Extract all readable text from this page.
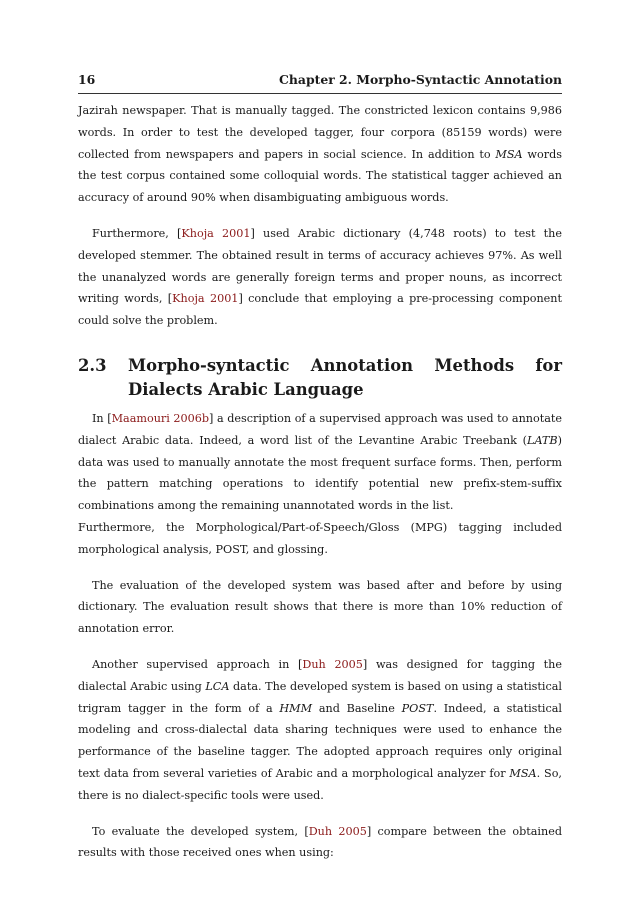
16	Chapter 2. Morpho-Syntactic Annotation

Jazirah newspaper. That is manually tagged. The constricted lexicon contains 9,986 words. In order to test the developed tagger, four corpora (85159 words) were collected from newspapers and papers in social science. In addition to MSA words the test corpus contained some colloquial words. The statistical tagger achieved an accuracy of around 90% when disambiguating ambiguous words.

Furthermore, [Khoja 2001] used Arabic dictionary (4,748 roots) to test the developed stemmer. The obtained result in terms of accuracy achieves 97%. As well the unanalyzed words are generally foreign terms and proper nouns, as incorrect writing words, [Khoja 2001] conclude that employing a pre-processing component could solve the problem.

2.3	Morpho-syntactic Annotation Methods for Dialects Arabic Language

In [Maamouri 2006b] a description of a supervised approach was used to annotate dialect Arabic data. Indeed, a word list of the Levantine Arabic Treebank (LATB) data was used to manually annotate the most frequent surface forms. Then, perform the pattern matching operations to identify potential new prefix-stem-suffix combinations among the remaining unannotated words in the list.

Furthermore, the Morphological/Part-of-Speech/Gloss (MPG) tagging included morphological analysis, POST, and glossing.

The evaluation of the developed system was based after and before by using dictionary. The evaluation result shows that there is more than 10% reduction of annotation error.

Another supervised approach in [Duh 2005] was designed for tagging the dialectal Arabic using LCA data. The developed system is based on using a statistical trigram tagger in the form of a HMM and Baseline POST. Indeed, a statistical modeling and cross-dialectal data sharing techniques were used to enhance the performance of the baseline tagger. The adopted approach requires only original text data from several varieties of Arabic and a morphological analyzer for MSA. So, there is no dialect-specific tools were used.

To evaluate the developed system, [Duh 2005] compare between the obtained results with those received ones when using:
